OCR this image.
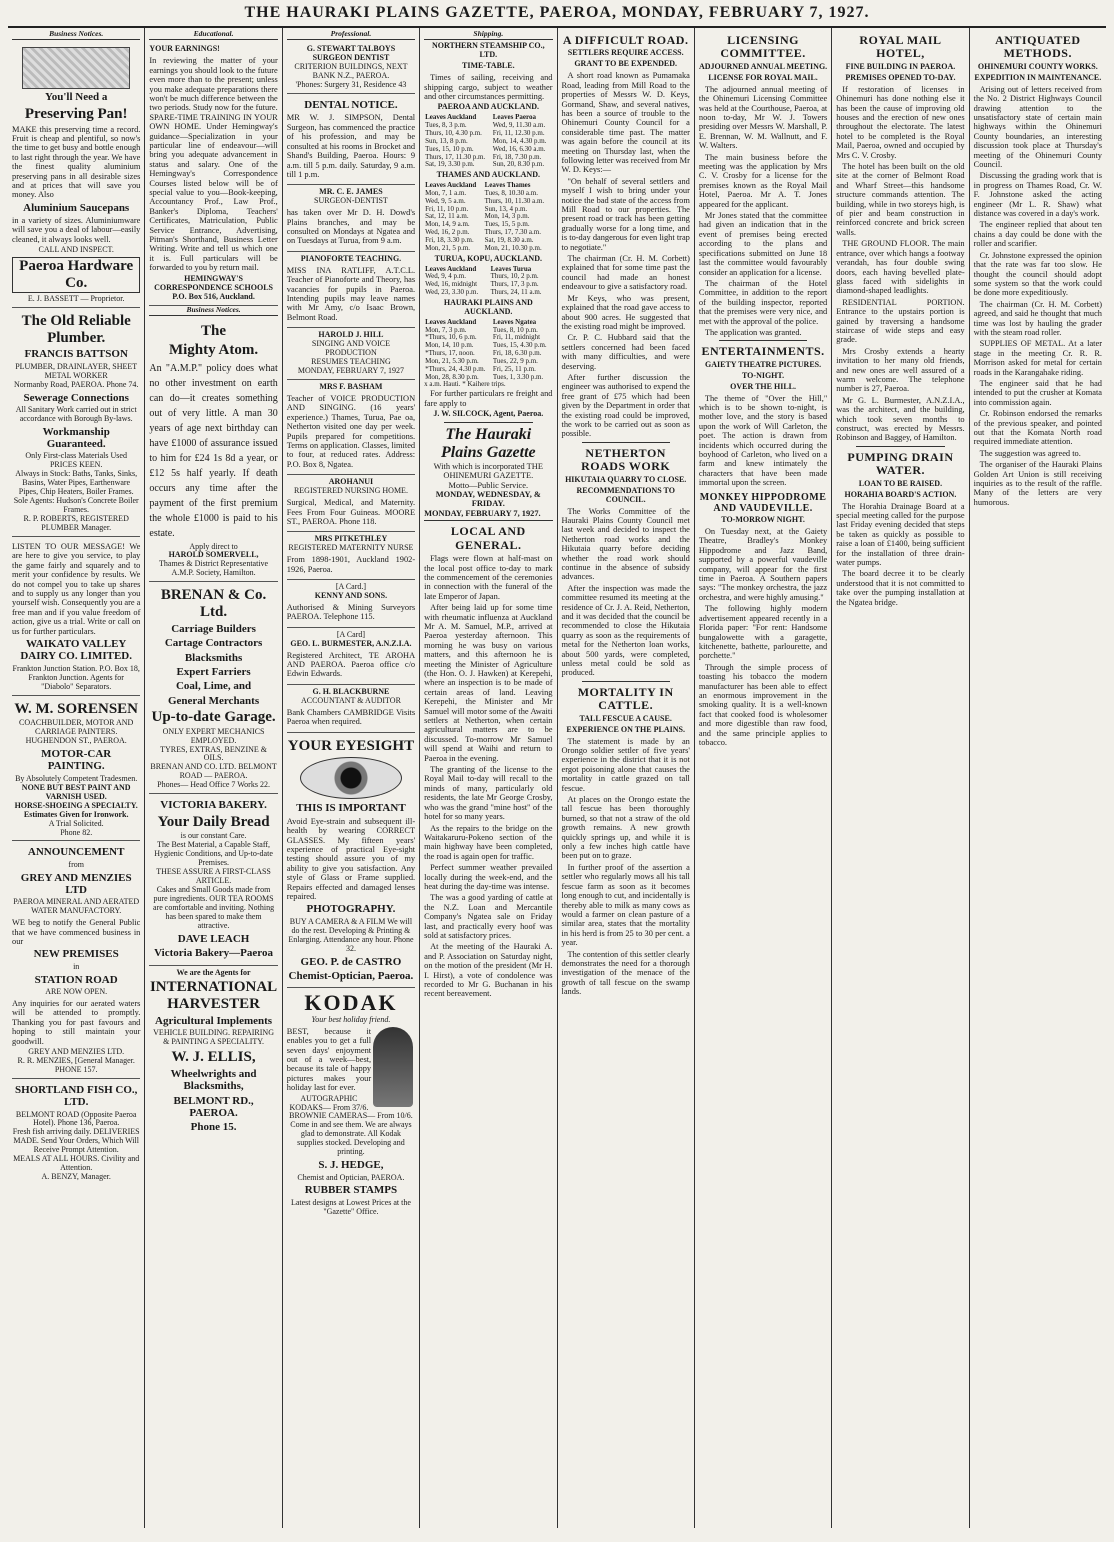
THE HAURAKI PLAINS GAZETTE, PAEROA, MONDAY, FEBRUARY 7, 1927.
Business Notices.
You'll Need a
Preserving Pan!

MAKE this preserving time a record. Fruit is cheap and plentiful, so now's the time to get busy and bottle enough to last right through the year. We have the finest quality aluminium preserving pans in all desirable sizes and at prices that will save you money. Also

Aluminium Saucepans

in a variety of sizes. Aluminiumware will save you a deal of labour—easily cleaned, it always looks well.

CALL AND INSPECT.
Paeroa Hardware Co.
E. J. BASSETT — Proprietor.
The Old Reliable Plumber.
FRANCIS BATTSON
PLUMBER, DRAINLAYER, SHEET METAL WORKER
Normanby Road, PAEROA. Phone 74.
Sewerage Connections
All Sanitary Work carried out in strict accordance with Borough By-laws.
Workmanship Guaranteed.
Only First-class Materials Used PRICES KEEN.
Always in Stock: Baths, Tanks, Sinks, Basins, Water Pipes, Earthenware Pipes, Chip Heaters, Boiler Frames.
Sole Agents: Hudson's Concrete Boiler Frames.
R. P. ROBERTS, REGISTERED PLUMBER Manager.

LISTEN TO OUR MESSAGE! We are here to give you service, to play the game fairly and squarely and to merit your confidence by results. We do not compel you to take up shares and to supply us any longer than you yourself wish. Consequently you are a free man and if you value freedom of action, give us a trial. Write or call on us for further particulars.

WAIKATO VALLEY DAIRY CO. LIMITED.
Frankton Junction Station. P.O. Box 18, Frankton Junction. Agents for "Diabolo" Separators.
W. M. SORENSEN
COACHBUILDER, MOTOR AND CARRIAGE PAINTERS.
HUGHENDON ST., PAEROA.
MOTOR-CAR PAINTING.
By Absolutely Competent Tradesmen.
NONE BUT BEST PAINT AND VARNISH USED.
HORSE-SHOEING A SPECIALTY.
Estimates Given for Ironwork.
A Trial Solicited.
Phone 82.
ANNOUNCEMENT
from
GREY AND MENZIES LTD
PAEROA MINERAL AND AERATED WATER MANUFACTORY.

WE beg to notify the General Public that we have commenced business in our

NEW PREMISES
in
STATION ROAD
ARE NOW OPEN.

Any inquiries for our aerated waters will be attended to promptly. Thanking you for past favours and hoping to still maintain your goodwill.

GREY AND MENZIES LTD.
R. R. MENZIES, [General Manager.
PHONE 157.
SHORTLAND FISH CO., LTD.
BELMONT ROAD (Opposite Paeroa Hotel). Phone 136, Paeroa.
Fresh fish arriving daily. DELIVERIES MADE. Send Your Orders, Which Will Receive Prompt Attention.
MEALS AT ALL HOURS. Civility and Attention.
A. BENZY, Manager.
Educational.
YOUR EARNINGS!

In reviewing the matter of your earnings you should look to the future even more than to the present; unless you make adequate preparations there won't be much difference between the two periods. Study now for the future. SPARE-TIME TRAINING IN YOUR OWN HOME. Under Hemingway's guidance—Specialization in your particular line of endeavour—will bring you adequate advancement in status and salary. One of the Hemingway's Correspondence Courses listed below will be of special value to you—Book-keeping, Accountancy Prof., Law Prof., Banker's Diploma, Teachers' Certificates, Matriculation, Public Service Entrance, Advertising, Pitman's Shorthand, Business Letter Writing. Write and tell us which one it is. Full particulars will be forwarded to you by return mail.

HEMINGWAY'S CORRESPONDENCE SCHOOLS P.O. Box 516, Auckland.
Business Notices.
The
Mighty Atom.

An "A.M.P." policy does what no other investment on earth can do—it creates something out of very little. A man 30 years of age next birthday can have £1000 of assurance issued to him for £24 1s 8d a year, or £12 5s half yearly. If death occurs any time after the payment of the first premium the whole £1000 is paid to his estate.

Apply direct to
HAROLD SOMERVELL,
Thames & District Representative A.M.P. Society, Hamilton.
BRENAN & Co. Ltd.
Carriage Builders
Cartage Contractors
Blacksmiths
Expert Farriers
Coal, Lime, and
General Merchants
Up-to-date Garage.
ONLY EXPERT MECHANICS EMPLOYED.
TYRES, EXTRAS, BENZINE & OILS.
BRENAN AND CO. LTD. BELMONT ROAD — PAEROA.
Phones— Head Office 7 Works 22.
VICTORIA BAKERY.
Your Daily Bread
is our constant Care.
The Best Material, a Capable Staff, Hygienic Conditions, and Up-to-date Premises.
THESE ASSURE A FIRST-CLASS ARTICLE.
Cakes and Small Goods made from pure ingredients. OUR TEA ROOMS are comfortable and inviting. Nothing has been spared to make them attractive.
DAVE LEACH
Victoria Bakery—Paeroa
We are the Agents for
INTERNATIONAL HARVESTER
Agricultural Implements
VEHICLE BUILDING. REPAIRING & PAINTING A SPECIALITY.
W. J. ELLIS,
Wheelwrights and Blacksmiths,
BELMONT RD., PAEROA.
Phone 15.
Professional.
G. STEWART TALBOYS SURGEON DENTIST
CRITERION BUILDINGS, NEXT BANK N.Z., PAEROA.
'Phones: Surgery 31, Residence 43
DENTAL NOTICE.

MR W. J. SIMPSON, Dental Surgeon, has commenced the practice of his profession, and may be consulted at his rooms in Brocket and Shand's Building, Paeroa. Hours: 9 a.m. till 5 p.m. daily. Saturday, 9 a.m. till 1 p.m.

MR. C. E. JAMES
SURGEON-DENTIST

has taken over Mr D. H. Dowd's Plains branches, and may be consulted on Mondays at Ngatea and on Tuesdays at Turua, from 9 a.m.

PIANOFORTE TEACHING.

MISS INA RATLIFF, A.T.C.L. Teacher of Pianoforte and Theory, has vacancies for pupils in Paeroa. Intending pupils may leave names with Mr Amy, c/o Isaac Brown, Belmont Road.

HAROLD J. HILL
SINGING AND VOICE PRODUCTION
RESUMES TEACHING
MONDAY, FEBRUARY 7, 1927
MRS F. BASHAM

Teacher of VOICE PRODUCTION AND SINGING. (16 years' experience.) Thames, Turua, Pae oa, Netherton visited one day per week. Pupils prepared for competitions. Terms on application. Classes, limited to four, at reduced rates. Address: P.O. Box 8, Ngatea.

AROHANUI
REGISTERED NURSING HOME.

Surgical, Medical, and Maternity. Fees From Four Guineas. MOORE ST., PAEROA. Phone 118.

MRS PITKETHLEY
REGISTERED MATERNITY NURSE

From 1898-1901, Auckland 1902-1926, Paeroa.

[A Card.]
KENNY AND SONS.

Authorised & Mining Surveyors PAEROA. Telephone 115.

[A Card]
GEO. L. BURMESTER, A.N.Z.I.A.

Registered Architect, TE AROHA AND PAEROA. Paeroa office c/o Edwin Edwards.

G. H. BLACKBURNE
ACCOUNTANT & AUDITOR

Bank Chambers CAMBRIDGE Visits Paeroa when required.

YOUR EYESIGHT
THIS IS IMPORTANT

Avoid Eye-strain and subsequent ill-health by wearing CORRECT GLASSES. My fifteen years' experience of practical Eye-sight testing should assure you of my ability to give you satisfaction. Any style of Glass or Frame supplied. Repairs effected and damaged lenses repaired.

PHOTOGRAPHY.
BUY A CAMERA & A FILM We will do the rest. Developing & Printing & Enlarging. Attendance any hour. Phone 32.
GEO. P. de CASTRO
Chemist-Optician, Paeroa.
KODAK
Your best holiday friend.

BEST, because it enables you to get a full seven days' enjoyment out of a week—best, because its tale of happy pictures makes your holiday last for ever.

AUTOGRAPHIC KODAKS— From 37/6.
BROWNIE CAMERAS— From 10/6.
Come in and see them. We are always glad to demonstrate. All Kodak supplies stocked. Developing and printing.
S. J. HEDGE,
Chemist and Optician, PAEROA.
RUBBER STAMPS
Latest designs at Lowest Prices at the "Gazette" Office.
Shipping.
NORTHERN STEAMSHIP CO., LTD.
TIME-TABLE.

Times of sailing, receiving and shipping cargo, subject to weather and other circumstances permitting.

PAEROA AND AUCKLAND.
Leaves Auckland	Leaves Paeroa
Tues, 8, 3 p.m.	Wed, 9, 11.30 a.m.
Thurs, 10, 4.30 p.m.	Fri, 11, 12.30 p.m.
Sun, 13, 8 p.m.	Mon, 14, 4.30 p.m.
Tues, 15, 10 p.m.	Wed, 16, 6.30 a.m.
Thurs, 17, 11.30 p.m.	Fri, 18, 7.30 p.m.
Sat, 19, 3.30 p.m.	Sun, 20, 8.30 p.m.
THAMES AND AUCKLAND.
Leaves Auckland	Leaves Thames
Mon, 7, 1 a.m.	Tues, 8, 10.30 a.m.
Wed, 9, 5 a.m.	Thurs, 10, 11.30 a.m.
Fri, 11, 10 p.m.	Sun, 13, 4 p.m.
Sat, 12, 11 a.m.	Mon, 14, 3 p.m.
Mon, 14, 9 a.m.	Tues, 15, 5 p.m.
Wed, 16, 2 p.m.	Thurs, 17, 7.30 a.m.
Fri, 18, 3.30 p.m.	Sat, 19, 8.30 a.m.
Mon, 21, 5 p.m.	Mon, 21, 10.30 p.m.
TURUA, KOPU, AUCKLAND.
Leaves Auckland	Leaves Turua
Wed, 9, 4 p.m.	Thurs, 10, 2 p.m.
Wed, 16, midnight	Thurs, 17, 3 p.m.
Wed, 23, 3.30 p.m.	Thurs, 24, 11 a.m.
HAURAKI PLAINS AND AUCKLAND.
Leaves Auckland	Leaves Ngatea
Mon, 7, 3 p.m.	Tues, 8, 10 p.m.
*Thurs, 10, 6 p.m.	Fri, 11, midnight
Mon, 14, 10 p.m.	Tues, 15, 4.30 p.m.
*Thurs, 17, noon.	Fri, 18, 6.30 p.m.
Mon, 21, 5.30 p.m.	Tues, 22, 9 p.m.
*Thurs, 24, 4.30 p.m.	Fri, 25, 11 p.m.
Mon, 28, 8.30 p.m.	Tues, 1, 3.30 p.m.
x a.m. Hauti. * Kaihere trips.

For further particulars re freight and fare apply to

J. W. SILCOCK, Agent, Paeroa.
The Hauraki Plains Gazette
With which is incorporated THE OHINEMURI GAZETTE.
Motto—Public Service.
MONDAY, WEDNESDAY, & FRIDAY.
MONDAY, FEBRUARY 7, 1927.
LOCAL AND GENERAL.

Flags were flown at half-mast on the local post office to-day to mark the commencement of the ceremonies in connection with the funeral of the late Emperor of Japan.

After being laid up for some time with rheumatic influenza at Auckland Mr A. M. Samuel, M.P., arrived at Paeroa yesterday afternoon. This morning he was busy on various matters, and this afternoon he is meeting the Minister of Agriculture (the Hon. O. J. Hawken) at Kerepehi, where an inspection is to be made of certain areas of land. Leaving Kerepehi, the Minister and Mr Samuel will motor some of the Awaiti settlers at Netherton, when certain agricultural matters are to be discussed. To-morrow Mr Samuel will spend at Waihi and return to Paeroa in the evening.

The granting of the license to the Royal Mail to-day will recall to the minds of many, particularly old residents, the late Mr George Crosby, who was the grand "mine host" of the hotel for so many years.

As the repairs to the bridge on the Waitakaruru-Pokeno section of the main highway have been completed, the road is again open for traffic.

Perfect summer weather prevailed locally during the week-end, and the heat during the day-time was intense.

The was a good yarding of cattle at the N.Z. Loan and Mercantile Company's Ngatea sale on Friday last, and practically every hoof was sold at satisfactory prices.

At the meeting of the Hauraki A. and P. Association on Saturday night, on the motion of the president (Mr H. I. Hirst), a vote of condolence was recorded to Mr G. Buchanan in his recent bereavement.

A DIFFICULT ROAD.
SETTLERS REQUIRE ACCESS.
GRANT TO BE EXPENDED.

A short road known as Pumamaka Road, leading from Mill Road to the properties of Messrs W. D. Keys, Gormand, Shaw, and several natives, has been a source of trouble to the Ohinemuri County Council for a considerable time past. The matter was again before the council at its meeting on Thursday last, when the following letter was received from Mr W. D. Keys:—

"On behalf of several settlers and myself I wish to bring under your notice the bad state of the access from Mill Road to our properties. The present road or track has been getting gradually worse for a long time, and is to-day dangerous for even light trap to negotiate."

The chairman (Cr. H. M. Corbett) explained that for some time past the council had made an honest endeavour to give a satisfactory road.

Mr Keys, who was present, explained that the road gave access to about 900 acres. He suggested that the existing road might be improved.

Cr. P. C. Hubbard said that the settlers concerned had been faced with many difficulties, and were deserving.

After further discussion the engineer was authorised to expend the free grant of £75 which had been given by the Department in order that the existing road could be improved, the work to be carried out as soon as possible.

NETHERTON ROADS WORK
HIKUTAIA QUARRY TO CLOSE.
RECOMMENDATIONS TO COUNCIL.

The Works Committee of the Hauraki Plains County Council met last week and decided to inspect the Netherton road works and the Hikutaia quarry before deciding whether the road work should continue in the absence of subsidy advances.

After the inspection was made the committee resumed its meeting at the residence of Cr. J. A. Reid, Netherton, and it was decided that the council be recommended to close the Hikutaia quarry as soon as the requirements of metal for the Netherton loan works, about 500 yards, were completed, unless metal could be sold as produced.

MORTALITY IN CATTLE.
TALL FESCUE A CAUSE.
EXPERIENCE ON THE PLAINS.

The statement is made by an Orongo soldier settler of five years' experience in the district that it is not ergot poisoning alone that causes the mortality in cattle grazed on tall fescue.

At places on the Orongo estate the tall fescue has been thoroughly burned, so that not a straw of the old growth remains. A new growth quickly springs up, and while it is only a few inches high cattle have been put on to graze.

In further proof of the assertion a settler who regularly mows all his tall fescue farm as soon as it becomes long enough to cut, and incidentally is thereby able to milk as many cows as would a farmer on clean pasture of a similar area, states that the mortality in his herd is from 25 to 30 per cent. a year.

The contention of this settler clearly demonstrates the need for a thorough investigation of the menace of the growth of tall fescue on the swamp lands.

LICENSING COMMITTEE.
ADJOURNED ANNUAL MEETING.
LICENSE FOR ROYAL MAIL.

The adjourned annual meeting of the Ohinemuri Licensing Committee was held at the Courthouse, Paeroa, at noon to-day, Mr W. J. Towers presiding over Messrs W. Marshall, P. E. Brennan, W. M. Wallnutt, and F. W. Walters.

The main business before the meeting was the application by Mrs C. V. Crosby for a license for the premises known as the Royal Mail Hotel, Paeroa. Mr A. T. Jones appeared for the applicant.

Mr Jones stated that the committee had given an indication that in the event of premises being erected according to the plans and specifications submitted on June 18 last the committee would favourably consider an application for a license.

The chairman of the Hotel Committee, in addition to the report of the building inspector, reported that the premises were very nice, and met with the approval of the police.

The application was granted.

ENTERTAINMENTS.
GAIETY THEATRE PICTURES.
TO-NIGHT.
OVER THE HILL.

The theme of "Over the Hill," which is to be shown to-night, is mother love, and the story is based upon the work of Will Carleton, the poet. The action is drawn from incidents which occurred during the boyhood of Carleton, who lived on a farm and knew intimately the characters that have been made immortal upon the screen.

MONKEY HIPPODROME AND VAUDEVILLE.
TO-MORROW NIGHT.

On Tuesday next, at the Gaiety Theatre, Bradley's Monkey Hippodrome and Jazz Band, supported by a powerful vaudeville company, will appear for the first time in Paeroa. A Southern papers says: "The monkey orchestra, the jazz orchestra, and were highly amusing."

The following highly modern advertisement appeared recently in a Florida paper: "For rent: Handsome bungalowette with a garagette, kitchenette, bathette, parlourette, and porchette."

Through the simple process of toasting his tobacco the modern manufacturer has been able to effect an enormous improvement in the smoking quality. It is a well-known fact that cooked food is wholesomer and more digestible than raw food, and the same principle applies to tobacco.

ROYAL MAIL HOTEL,
FINE BUILDING IN PAEROA.
PREMISES OPENED TO-DAY.

If restoration of licenses in Ohinemuri has done nothing else it has been the cause of improving old houses and the erection of new ones throughout the electorate. The latest hotel to be completed is the Royal Mail, Paeroa, owned and occupied by Mrs C. V. Crosby.

The hotel has been built on the old site at the corner of Belmont Road and Wharf Street—this handsome structure commands attention. The building, while in two storeys high, is of pier and beam construction in reinforced concrete and brick screen walls.

THE GROUND FLOOR. The main entrance, over which hangs a footway verandah, has four double swing doors, each having bevelled plate-glass faced with sidelights in diamond-shaped leadlights.

RESIDENTIAL PORTION. Entrance to the upstairs portion is gained by traversing a handsome staircase of wide steps and easy grade.

Mrs Crosby extends a hearty invitation to her many old friends, and new ones are well assured of a warm welcome. The telephone number is 27, Paeroa.

Mr G. L. Burmester, A.N.Z.I.A., was the architect, and the building, which took seven months to construct, was erected by Messrs. Robinson and Baggey, of Hamilton.

PUMPING DRAIN WATER.
LOAN TO BE RAISED.
HORAHIA BOARD'S ACTION.

The Horahia Drainage Board at a special meeting called for the purpose last Friday evening decided that steps be taken as quickly as possible to raise a loan of £1400, being sufficient for the installation of three drain-water pumps.

The board decree it to be clearly understood that it is not committed to take over the pumping installation at the Ngatea bridge.

ANTIQUATED METHODS.
OHINEMURI COUNTY WORKS.
EXPEDITION IN MAINTENANCE.

Arising out of letters received from the No. 2 District Highways Council drawing attention to the unsatisfactory state of certain main highways within the Ohinemuri County boundaries, an interesting discussion took place at Thursday's meeting of the Ohinemuri County Council.

Discussing the grading work that is in progress on Thames Road, Cr. W. F. Johnstone asked the acting engineer (Mr L. R. Shaw) what distance was covered in a day's work.

The engineer replied that about ten chains a day could be done with the roller and scarifier.

Cr. Johnstone expressed the opinion that the rate was far too slow. He thought the council should adopt some system so that the work could be done more expeditiously.

The chairman (Cr. H. M. Corbett) agreed, and said he thought that much time was lost by hauling the grader with the steam road roller.

SUPPLIES OF METAL. At a later stage in the meeting Cr. R. R. Morrison asked for metal for certain roads in the Karangahake riding.

The engineer said that he had intended to put the crusher at Komata into commission again.

Cr. Robinson endorsed the remarks of the previous speaker, and pointed out that the Komata North road required immediate attention.

The suggestion was agreed to.

The organiser of the Hauraki Plains Golden Art Union is still receiving inquiries as to the result of the raffle. Many of the letters are very humorous.
